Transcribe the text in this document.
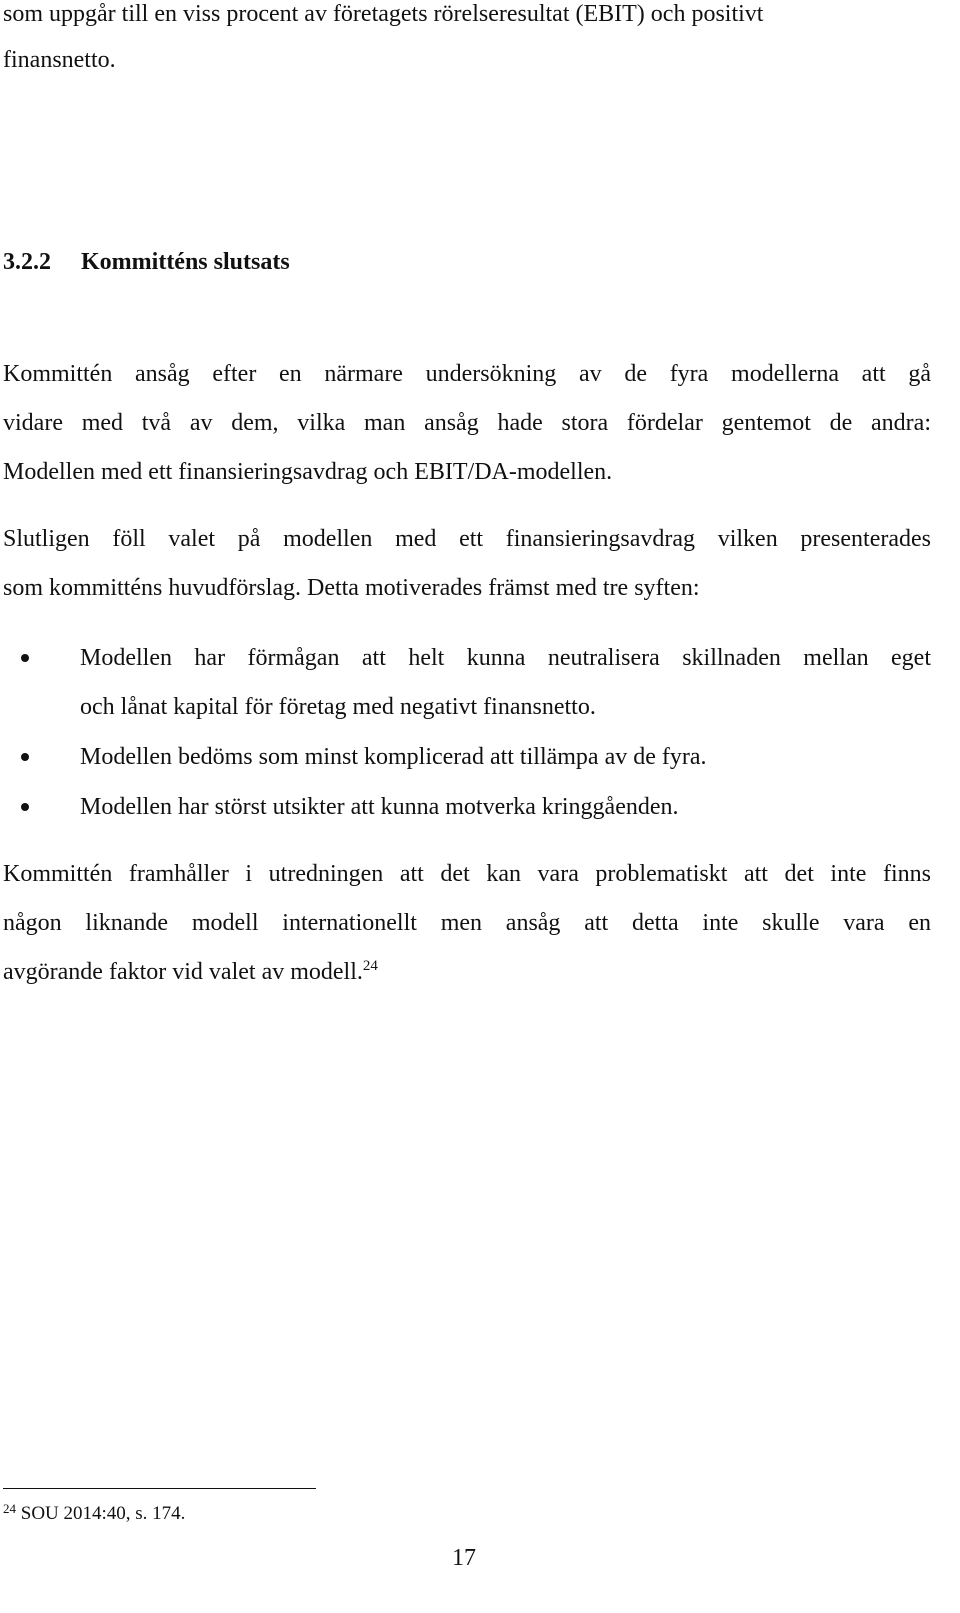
som uppgår till en viss procent av företagets rörelseresultat (EBIT) och positivt
finansnetto.
3.2.2 Kommitténs slutsats
Kommittén ansåg efter en närmare undersökning av de fyra modellerna att gå
vidare med två av dem, vilka man ansåg hade stora fördelar gentemot de andra:
Modellen med ett finansieringsavdrag och EBIT/DA-modellen.
Slutligen föll valet på modellen med ett finansieringsavdrag vilken presenterades
som kommitténs huvudförslag. Detta motiverades främst med tre syften:
Modellen har förmågan att helt kunna neutralisera skillnaden mellan eget
och lånat kapital för företag med negativt finansnetto.
Modellen bedöms som minst komplicerad att tillämpa av de fyra.
Modellen har störst utsikter att kunna motverka kringgåenden.
Kommittén framhåller i utredningen att det kan vara problematiskt att det inte finns
någon liknande modell internationellt men ansåg att detta inte skulle vara en
avgörande faktor vid valet av modell.$^{24}$
$^{24}$ SOU 2014:40, s. 174.
17
